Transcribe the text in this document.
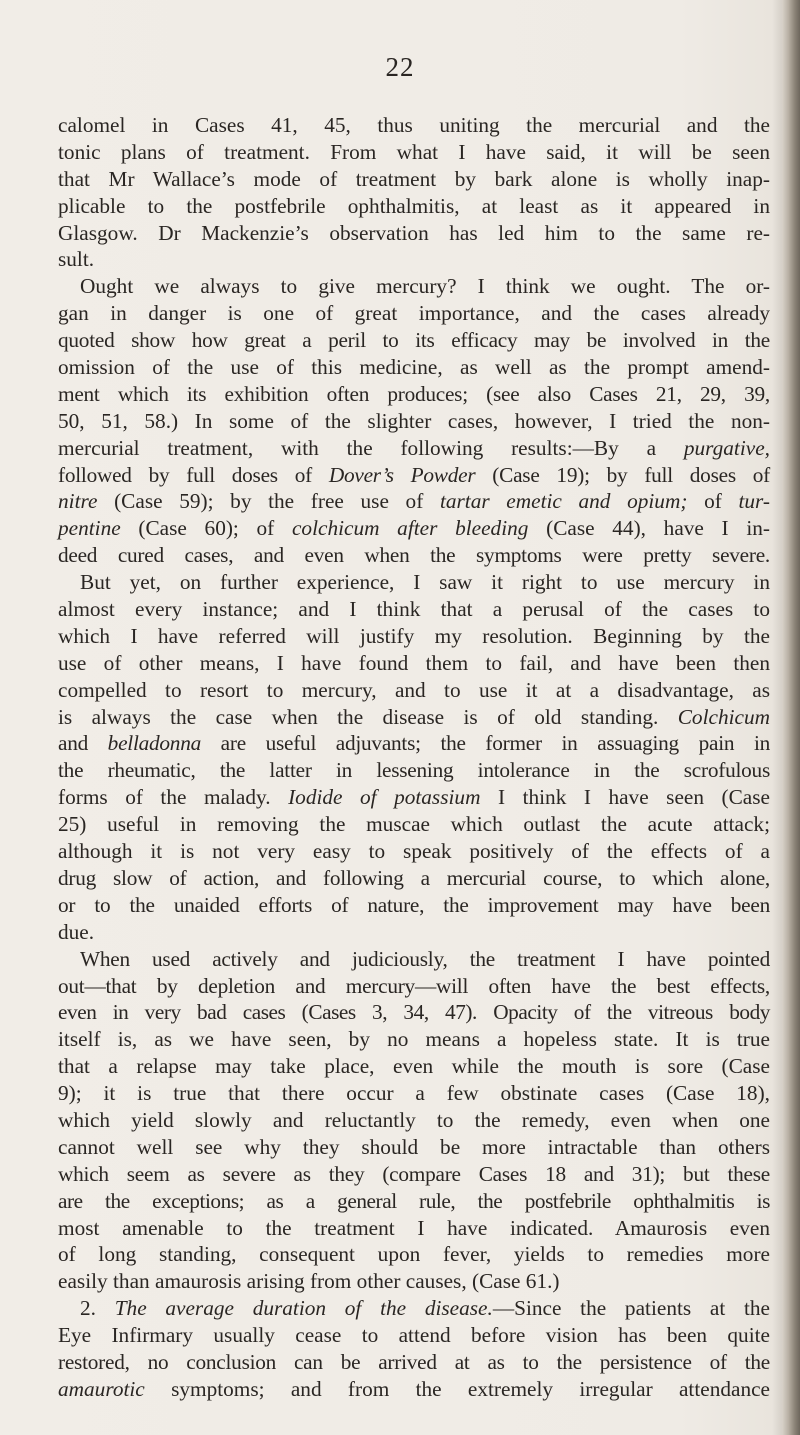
22
calomel in Cases 41, 45, thus uniting the mercurial and the
tonic plans of treatment. From what I have said, it will be seen
that Mr Wallace’s mode of treatment by bark alone is wholly inap-
plicable to the postfebrile ophthalmitis, at least as it appeared in
Glasgow. Dr Mackenzie’s observation has led him to the same re-
sult.
Ought we always to give mercury? I think we ought. The or-
gan in danger is one of great importance, and the cases already
quoted show how great a peril to its efficacy may be involved in the
omission of the use of this medicine, as well as the prompt amend-
ment which its exhibition often produces; (see also Cases 21, 29, 39,
50, 51, 58.) In some of the slighter cases, however, I tried the non-
mercurial treatment, with the following results:—By a purgative,
followed by full doses of Dover’s Powder (Case 19); by full doses of
nitre (Case 59); by the free use of tartar emetic and opium; of tur-
pentine (Case 60); of colchicum after bleeding (Case 44), have I in-
deed cured cases, and even when the symptoms were pretty severe.
But yet, on further experience, I saw it right to use mercury in
almost every instance; and I think that a perusal of the cases to
which I have referred will justify my resolution. Beginning by the
use of other means, I have found them to fail, and have been then
compelled to resort to mercury, and to use it at a disadvantage, as
is always the case when the disease is of old standing. Colchicum
and belladonna are useful adjuvants; the former in assuaging pain in
the rheumatic, the latter in lessening intolerance in the scrofulous
forms of the malady. Iodide of potassium I think I have seen (Case
25) useful in removing the muscae which outlast the acute attack;
although it is not very easy to speak positively of the effects of a
drug slow of action, and following a mercurial course, to which alone,
or to the unaided efforts of nature, the improvement may have been
due.
When used actively and judiciously, the treatment I have pointed
out—that by depletion and mercury—will often have the best effects,
even in very bad cases (Cases 3, 34, 47). Opacity of the vitreous body
itself is, as we have seen, by no means a hopeless state. It is true
that a relapse may take place, even while the mouth is sore (Case
9); it is true that there occur a few obstinate cases (Case 18),
which yield slowly and reluctantly to the remedy, even when one
cannot well see why they should be more intractable than others
which seem as severe as they (compare Cases 18 and 31); but these
are the exceptions; as a general rule, the postfebrile ophthalmitis is
most amenable to the treatment I have indicated. Amaurosis even
of long standing, consequent upon fever, yields to remedies more
easily than amaurosis arising from other causes, (Case 61.)
2. The average duration of the disease.—Since the patients at the
Eye Infirmary usually cease to attend before vision has been quite
restored, no conclusion can be arrived at as to the persistence of the
amaurotic symptoms; and from the extremely irregular attendance
